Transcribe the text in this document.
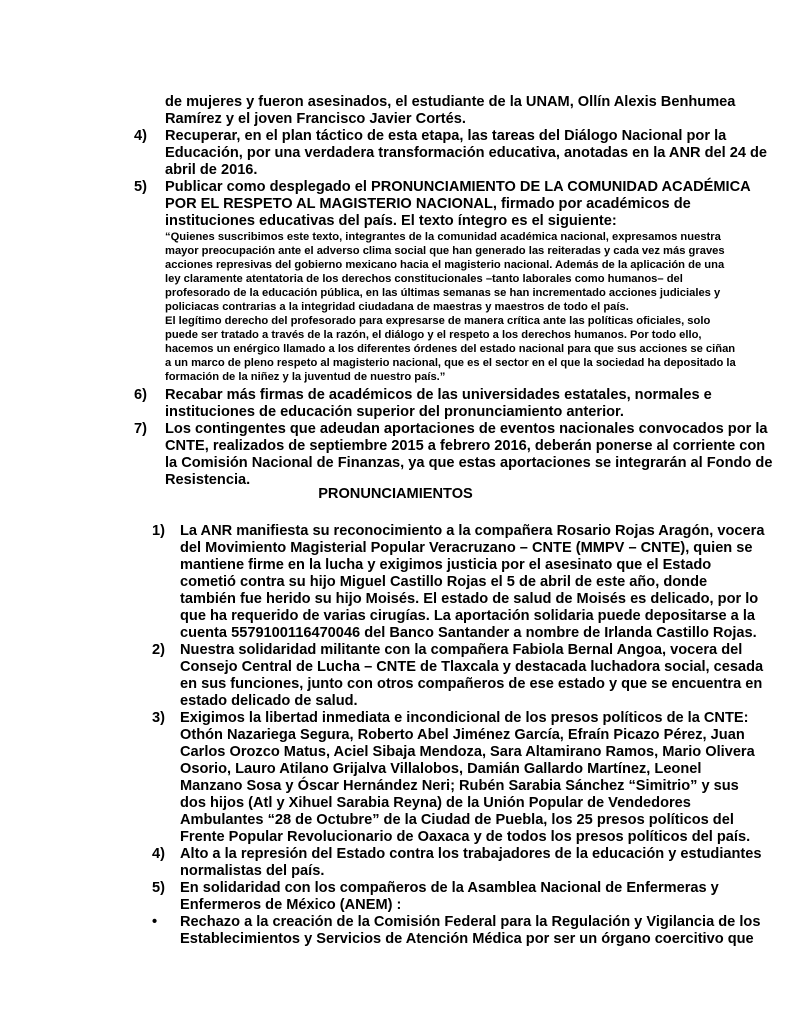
de mujeres y fueron asesinados, el estudiante de la UNAM, Ollín Alexis Benhumea
Ramírez y el joven Francisco Javier Cortés.
4) Recuperar, en el plan táctico de esta etapa, las tareas del Diálogo Nacional por la
Educación, por una verdadera transformación educativa, anotadas en la ANR del 24 de
abril de 2016.
5) Publicar como desplegado el PRONUNCIAMIENTO DE LA COMUNIDAD ACADÉMICA
POR EL RESPETO AL MAGISTERIO NACIONAL, firmado por académicos de
instituciones educativas del país. El texto íntegro es el siguiente:
“Quienes suscribimos este texto, integrantes de la comunidad académica nacional, expresamos nuestra
mayor preocupación ante el adverso clima social que han generado las reiteradas y cada vez más graves
acciones represivas del gobierno mexicano hacia el magisterio nacional. Además de la aplicación de una
ley claramente atentatoria de los derechos constitucionales –tanto laborales como humanos– del
profesorado de la educación pública, en las últimas semanas se han incrementado acciones judiciales y
policiacas contrarias a la integridad ciudadana de maestras y maestros de todo el país.
El legítimo derecho del profesorado para expresarse de manera crítica ante las políticas oficiales, solo
puede ser tratado a través de la razón, el diálogo y el respeto a los derechos humanos. Por todo ello,
hacemos un enérgico llamado a los diferentes órdenes del estado nacional para que sus acciones se ciñan
a un marco de pleno respeto al magisterio nacional, que es el sector en el que la sociedad ha depositado la
formación de la niñez y la juventud de nuestro país.”
6) Recabar más firmas de académicos de las universidades estatales, normales e
instituciones de educación superior del pronunciamiento anterior.
7) Los contingentes que adeudan aportaciones de eventos nacionales convocados por la
CNTE, realizados de septiembre 2015 a febrero 2016, deberán ponerse al corriente con
la Comisión Nacional de Finanzas, ya que estas aportaciones se integrarán al Fondo de
Resistencia.
PRONUNCIAMIENTOS
1) La ANR manifiesta su reconocimiento a la compañera Rosario Rojas Aragón, vocera
del Movimiento Magisterial Popular Veracruzano – CNTE (MMPV – CNTE), quien se
mantiene firme en la lucha y exigimos justicia por el asesinato que el Estado
cometió contra su hijo Miguel Castillo Rojas el 5 de abril de este año, donde
también fue herido su hijo Moisés. El estado de salud de Moisés es delicado, por lo
que ha requerido de varias cirugías. La aportación solidaria puede depositarse a la
cuenta 5579100116470046 del Banco Santander a nombre de Irlanda Castillo Rojas.
2) Nuestra solidaridad militante con la compañera Fabiola Bernal Angoa, vocera del
Consejo Central de Lucha – CNTE de Tlaxcala y destacada luchadora social, cesada
en sus funciones, junto con otros compañeros de ese estado y que se encuentra en
estado delicado de salud.
3) Exigimos la libertad inmediata e incondicional de los presos políticos de la CNTE:
Othón Nazariega Segura, Roberto Abel Jiménez García, Efraín Picazo Pérez, Juan
Carlos Orozco Matus, Aciel Sibaja Mendoza, Sara Altamirano Ramos, Mario Olivera
Osorio, Lauro Atilano Grijalva Villalobos, Damián Gallardo Martínez, Leonel
Manzano Sosa y Óscar Hernández Neri; Rubén Sarabia Sánchez “Simitrio” y sus
dos hijos (Atl y Xihuel Sarabia Reyna) de la Unión Popular de Vendedores
Ambulantes “28 de Octubre” de la Ciudad de Puebla, los 25 presos políticos del
Frente Popular Revolucionario de Oaxaca y de todos los presos políticos del país.
4) Alto a la represión del Estado contra los trabajadores de la educación y estudiantes
normalistas del país.
5) En solidaridad con los compañeros de la Asamblea Nacional de Enfermeras y
Enfermeros de México (ANEM) :
• Rechazo a la creación de la Comisión Federal para la Regulación y Vigilancia de los
Establecimientos y Servicios de Atención Médica por ser un órgano coercitivo que
